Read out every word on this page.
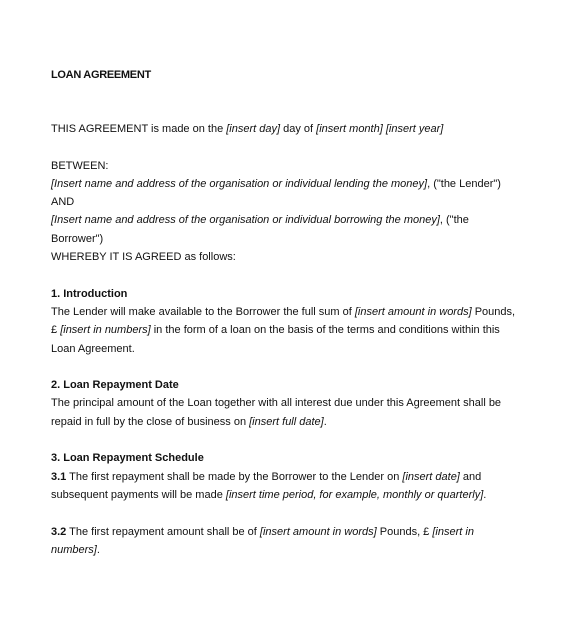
LOAN AGREEMENT

THIS AGREEMENT is made on the [insert day] day of [insert month] [insert year]

BETWEEN:

[Insert name and address of the organisation or individual lending the money], ("the Lender")

AND

[Insert name and address of the organisation or individual borrowing the money], ("the

Borrower")

WHEREBY IT IS AGREED as follows:

1. Introduction

The Lender will make available to the Borrower the full sum of [insert amount in words] Pounds,

£ [insert in numbers] in the form of a loan on the basis of the terms and conditions within this

Loan Agreement.

2. Loan Repayment Date

The principal amount of the Loan together with all interest due under this Agreement shall be

repaid in full by the close of business on [insert full date].

3. Loan Repayment Schedule

3.1 The first repayment shall be made by the Borrower to the Lender on [insert date] and

subsequent payments will be made [insert time period, for example, monthly or quarterly].

3.2 The first repayment amount shall be of [insert amount in words] Pounds, £ [insert in

numbers].
